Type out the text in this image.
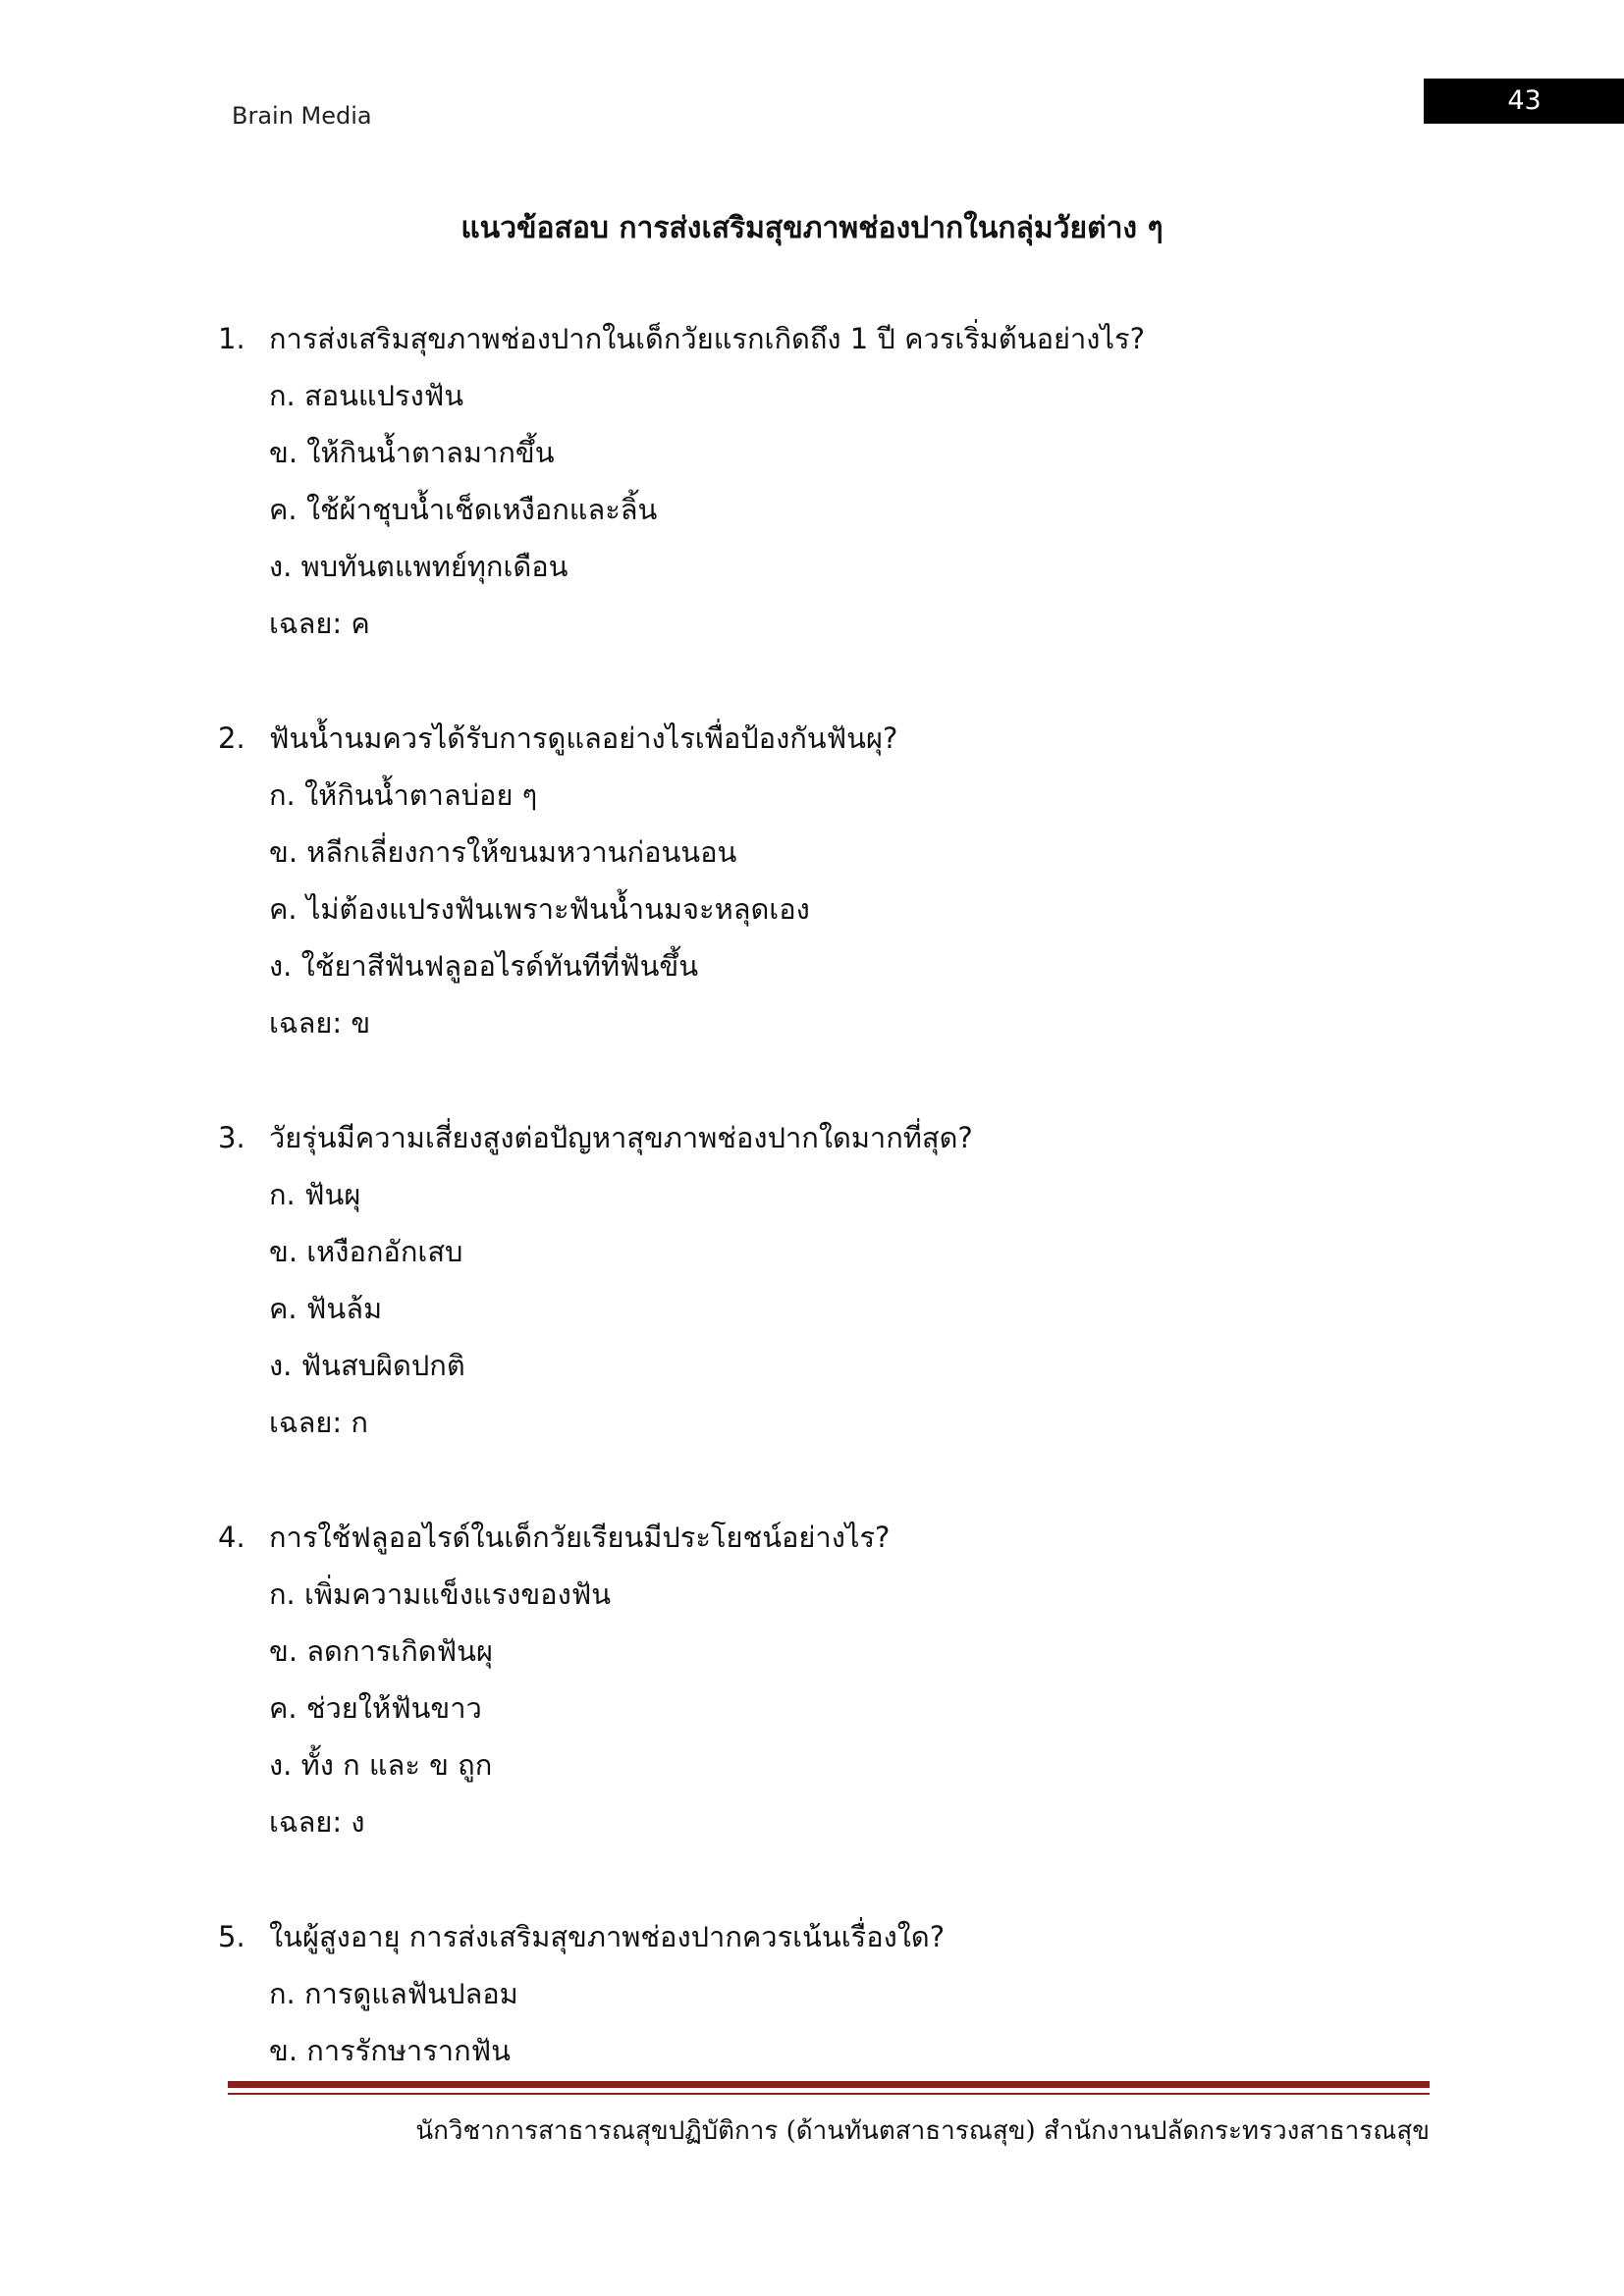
Brain Media	43
แนวข้อสอบ การส่งเสริมสุขภาพช่องปากในกลุ่มวัยต่าง ๆ
1. การส่งเสริมสุขภาพช่องปากในเด็กวัยแรกเกิดถึง 1 ปี ควรเริ่มต้นอย่างไร?
ก. สอนแปรงฟัน
ข. ให้กินน้ำตาลมากขึ้น
ค. ใช้ผ้าชุบน้ำเช็ดเหงือกและลิ้น
ง. พบทันตแพทย์ทุกเดือน
เฉลย: ค
2. ฟันน้ำนมควรได้รับการดูแลอย่างไรเพื่อป้องกันฟันผุ?
ก. ให้กินน้ำตาลบ่อย ๆ
ข. หลีกเลี่ยงการให้ขนมหวานก่อนนอน
ค. ไม่ต้องแปรงฟันเพราะฟันน้ำนมจะหลุดเอง
ง. ใช้ยาสีฟันฟลูออไรด์ทันทีที่ฟันขึ้น
เฉลย: ข
3. วัยรุ่นมีความเสี่ยงสูงต่อปัญหาสุขภาพช่องปากใดมากที่สุด?
ก. ฟันผุ
ข. เหงือกอักเสบ
ค. ฟันล้ม
ง. ฟันสบผิดปกติ
เฉลย: ก
4. การใช้ฟลูออไรด์ในเด็กวัยเรียนมีประโยชน์อย่างไร?
ก. เพิ่มความแข็งแรงของฟัน
ข. ลดการเกิดฟันผุ
ค. ช่วยให้ฟันขาว
ง. ทั้ง ก และ ข ถูก
เฉลย: ง
5. ในผู้สูงอายุ การส่งเสริมสุขภาพช่องปากควรเน้นเรื่องใด?
ก. การดูแลฟันปลอม
ข. การรักษารากฟัน
นักวิชาการสาธารณสุขปฏิบัติการ (ด้านทันตสาธารณสุข) สำนักงานปลัดกระทรวงสาธารณสุข
